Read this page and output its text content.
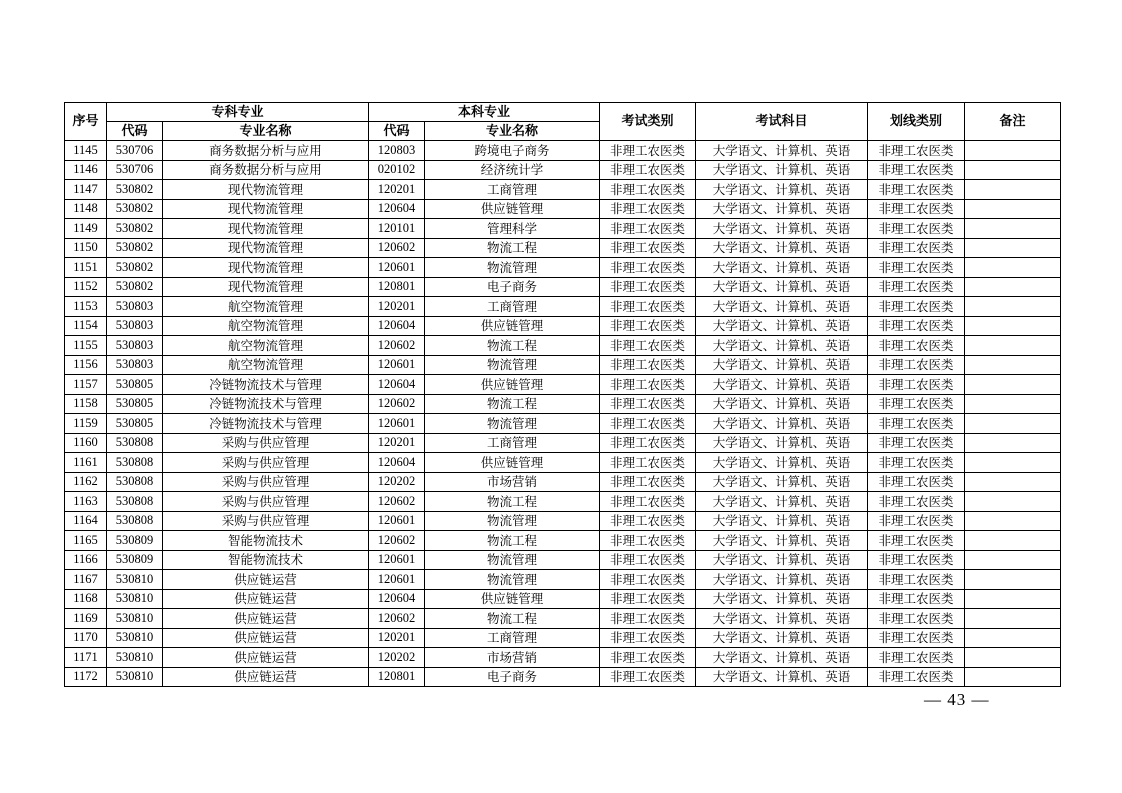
序号	专科专业		本科专业		考试类别	考试科目	划线类别	备注
	代码	专业名称	代码	专业名称				
1145	530706	商务数据分析与应用	120803	跨境电子商务	非理工农医类	大学语文、计算机、英语	非理工农医类	
1146	530706	商务数据分析与应用	020102	经济统计学	非理工农医类	大学语文、计算机、英语	非理工农医类	
1147	530802	现代物流管理	120201	工商管理	非理工农医类	大学语文、计算机、英语	非理工农医类	
1148	530802	现代物流管理	120604	供应链管理	非理工农医类	大学语文、计算机、英语	非理工农医类	
1149	530802	现代物流管理	120101	管理科学	非理工农医类	大学语文、计算机、英语	非理工农医类	
1150	530802	现代物流管理	120602	物流工程	非理工农医类	大学语文、计算机、英语	非理工农医类	
1151	530802	现代物流管理	120601	物流管理	非理工农医类	大学语文、计算机、英语	非理工农医类	
1152	530802	现代物流管理	120801	电子商务	非理工农医类	大学语文、计算机、英语	非理工农医类	
1153	530803	航空物流管理	120201	工商管理	非理工农医类	大学语文、计算机、英语	非理工农医类	
1154	530803	航空物流管理	120604	供应链管理	非理工农医类	大学语文、计算机、英语	非理工农医类	
1155	530803	航空物流管理	120602	物流工程	非理工农医类	大学语文、计算机、英语	非理工农医类	
1156	530803	航空物流管理	120601	物流管理	非理工农医类	大学语文、计算机、英语	非理工农医类	
1157	530805	冷链物流技术与管理	120604	供应链管理	非理工农医类	大学语文、计算机、英语	非理工农医类	
1158	530805	冷链物流技术与管理	120602	物流工程	非理工农医类	大学语文、计算机、英语	非理工农医类	
1159	530805	冷链物流技术与管理	120601	物流管理	非理工农医类	大学语文、计算机、英语	非理工农医类	
1160	530808	采购与供应管理	120201	工商管理	非理工农医类	大学语文、计算机、英语	非理工农医类	
1161	530808	采购与供应管理	120604	供应链管理	非理工农医类	大学语文、计算机、英语	非理工农医类	
1162	530808	采购与供应管理	120202	市场营销	非理工农医类	大学语文、计算机、英语	非理工农医类	
1163	530808	采购与供应管理	120602	物流工程	非理工农医类	大学语文、计算机、英语	非理工农医类	
1164	530808	采购与供应管理	120601	物流管理	非理工农医类	大学语文、计算机、英语	非理工农医类	
1165	530809	智能物流技术	120602	物流工程	非理工农医类	大学语文、计算机、英语	非理工农医类	
1166	530809	智能物流技术	120601	物流管理	非理工农医类	大学语文、计算机、英语	非理工农医类	
1167	530810	供应链运营	120601	物流管理	非理工农医类	大学语文、计算机、英语	非理工农医类	
1168	530810	供应链运营	120604	供应链管理	非理工农医类	大学语文、计算机、英语	非理工农医类	
1169	530810	供应链运营	120602	物流工程	非理工农医类	大学语文、计算机、英语	非理工农医类	
1170	530810	供应链运营	120201	工商管理	非理工农医类	大学语文、计算机、英语	非理工农医类	
1171	530810	供应链运营	120202	市场营销	非理工农医类	大学语文、计算机、英语	非理工农医类	
1172	530810	供应链运营	120801	电子商务	非理工农医类	大学语文、计算机、英语	非理工农医类	
— 43 —
